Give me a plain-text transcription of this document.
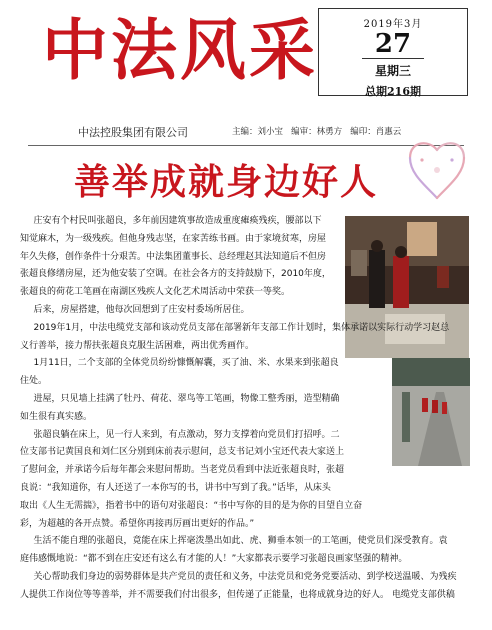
中法风采	2019年3月
27
星期三
总期216期
中法控股集团有限公司	主编：刘小宝   编审：林勇方   编印：肖惠云
善举成就身边好人
庄安有个村民叫张超良，多年前因建筑事故造成重度瘫痪残疾，腰部以下
知觉麻木，为一级残疾。但他身残志坚，在家苦练书画。由于家境贫寒，房屋
年久失修，创作条件十分艰苦。中法集团董事长、总经理赵其法知道后不但房
张超良修缮房屋，还为他安装了空调。在社会各方的支持鼓励下，2010年度，
张超良的荷花工笔画在南湖区残疾人文化艺术周活动中荣获一等奖。
后来，房屋搭建，他每次回想到了庄安村委场所居住。
2019年1月，中法电缆党支部和该动党员支部在部署新年支部工作计划时，集体承诺以实际行动学习赵总
义行善举，接力帮扶张超良克服生活困难，两出优秀画作。
1月11日，二个支部的全体党员纷纷慷慨解囊，买了油、米、水果来到张超良
住处。
进屋，只见墙上挂满了牡丹、荷花、翠鸟等工笔画，物像工整秀丽，造型精确
如生很有真实感。
张超良躺在床上，见一行人来到，有点激动，努力支撑着向党员们打招呼。二
位支部书记黄国良和刘仁区分别到床前表示慰问，总支书记刘小宝还代表大家送上
了慰问金，并承诺今后每年都会来慰问帮助。当老党员看到中法近张超良时，张超
良说：“我知道你，有人还送了一本你写的书，讲书中写到了我。”话毕，从床头
取出《人生无需揣》，指着书中的语句对张超良：“书中写你的目的是为你的目望自立奋
彩，为超越的各开点赞。希望你再接再厉画出更好的作品。”
生活不能自理的张超良，竟能在床上挥毫泼墨出如此、虎、狮垂本领一的工笔画，使党员们深受教育。袁
庭伟感慨地说：“都不到在庄安还有这么有才能的人！”大家都表示要学习张超良画家坚强的精神。
关心帮助我们身边的弱势群体是共产党员的责任和义务，中法党员和党务党要活动、到学校送温暖、为残疾
人提供工作岗位等等善举，并不需要我们付出很多，但传递了正能量，也将成就身边的好人。 电缆党支部供稿
